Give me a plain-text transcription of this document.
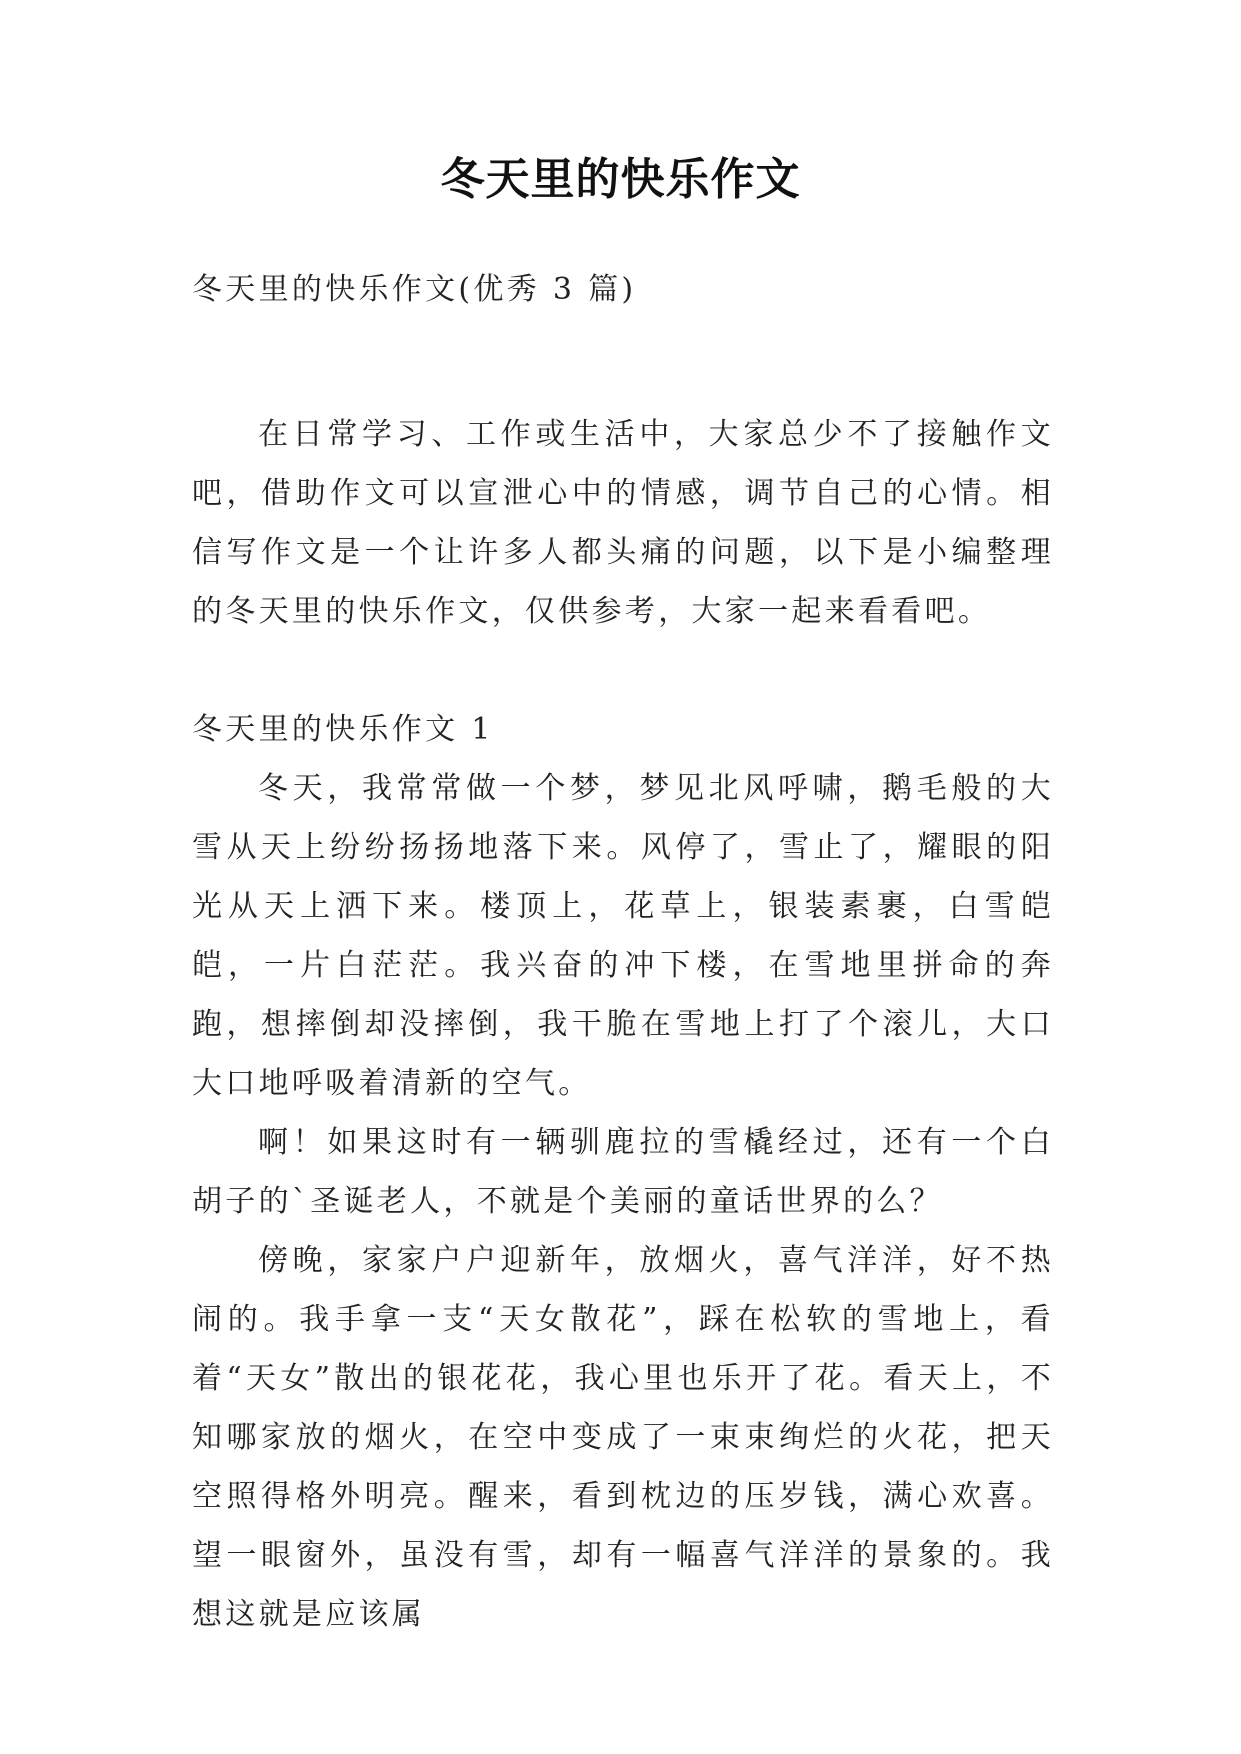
冬天里的快乐作文
冬天里的快乐作文(优秀 3 篇)

在日常学习、工作或生活中，大家总少不了接触作文吧，借助作文可以宣泄心中的情感，调节自己的心情。相信写作文是一个让许多人都头痛的问题，以下是小编整理的冬天里的快乐作文，仅供参考，大家一起来看看吧。

冬天里的快乐作文 1

冬天，我常常做一个梦，梦见北风呼啸，鹅毛般的大雪从天上纷纷扬扬地落下来。风停了，雪止了，耀眼的阳光从天上洒下来。楼顶上，花草上，银装素裹，白雪皑皑，一片白茫茫。我兴奋的冲下楼，在雪地里拼命的奔跑，想摔倒却没摔倒，我干脆在雪地上打了个滚儿，大口大口地呼吸着清新的空气。

啊！如果这时有一辆驯鹿拉的雪橇经过，还有一个白胡子的`圣诞老人，不就是个美丽的童话世界的么？

傍晚，家家户户迎新年，放烟火，喜气洋洋，好不热闹的。我手拿一支“天女散花”，踩在松软的雪地上，看着“天女”散出的银花花，我心里也乐开了花。看天上，不知哪家放的烟火，在空中变成了一束束绚烂的火花，把天空照得格外明亮。醒来，看到枕边的压岁钱，满心欢喜。望一眼窗外，虽没有雪，却有一幅喜气洋洋的景象的。我想这就是应该属
